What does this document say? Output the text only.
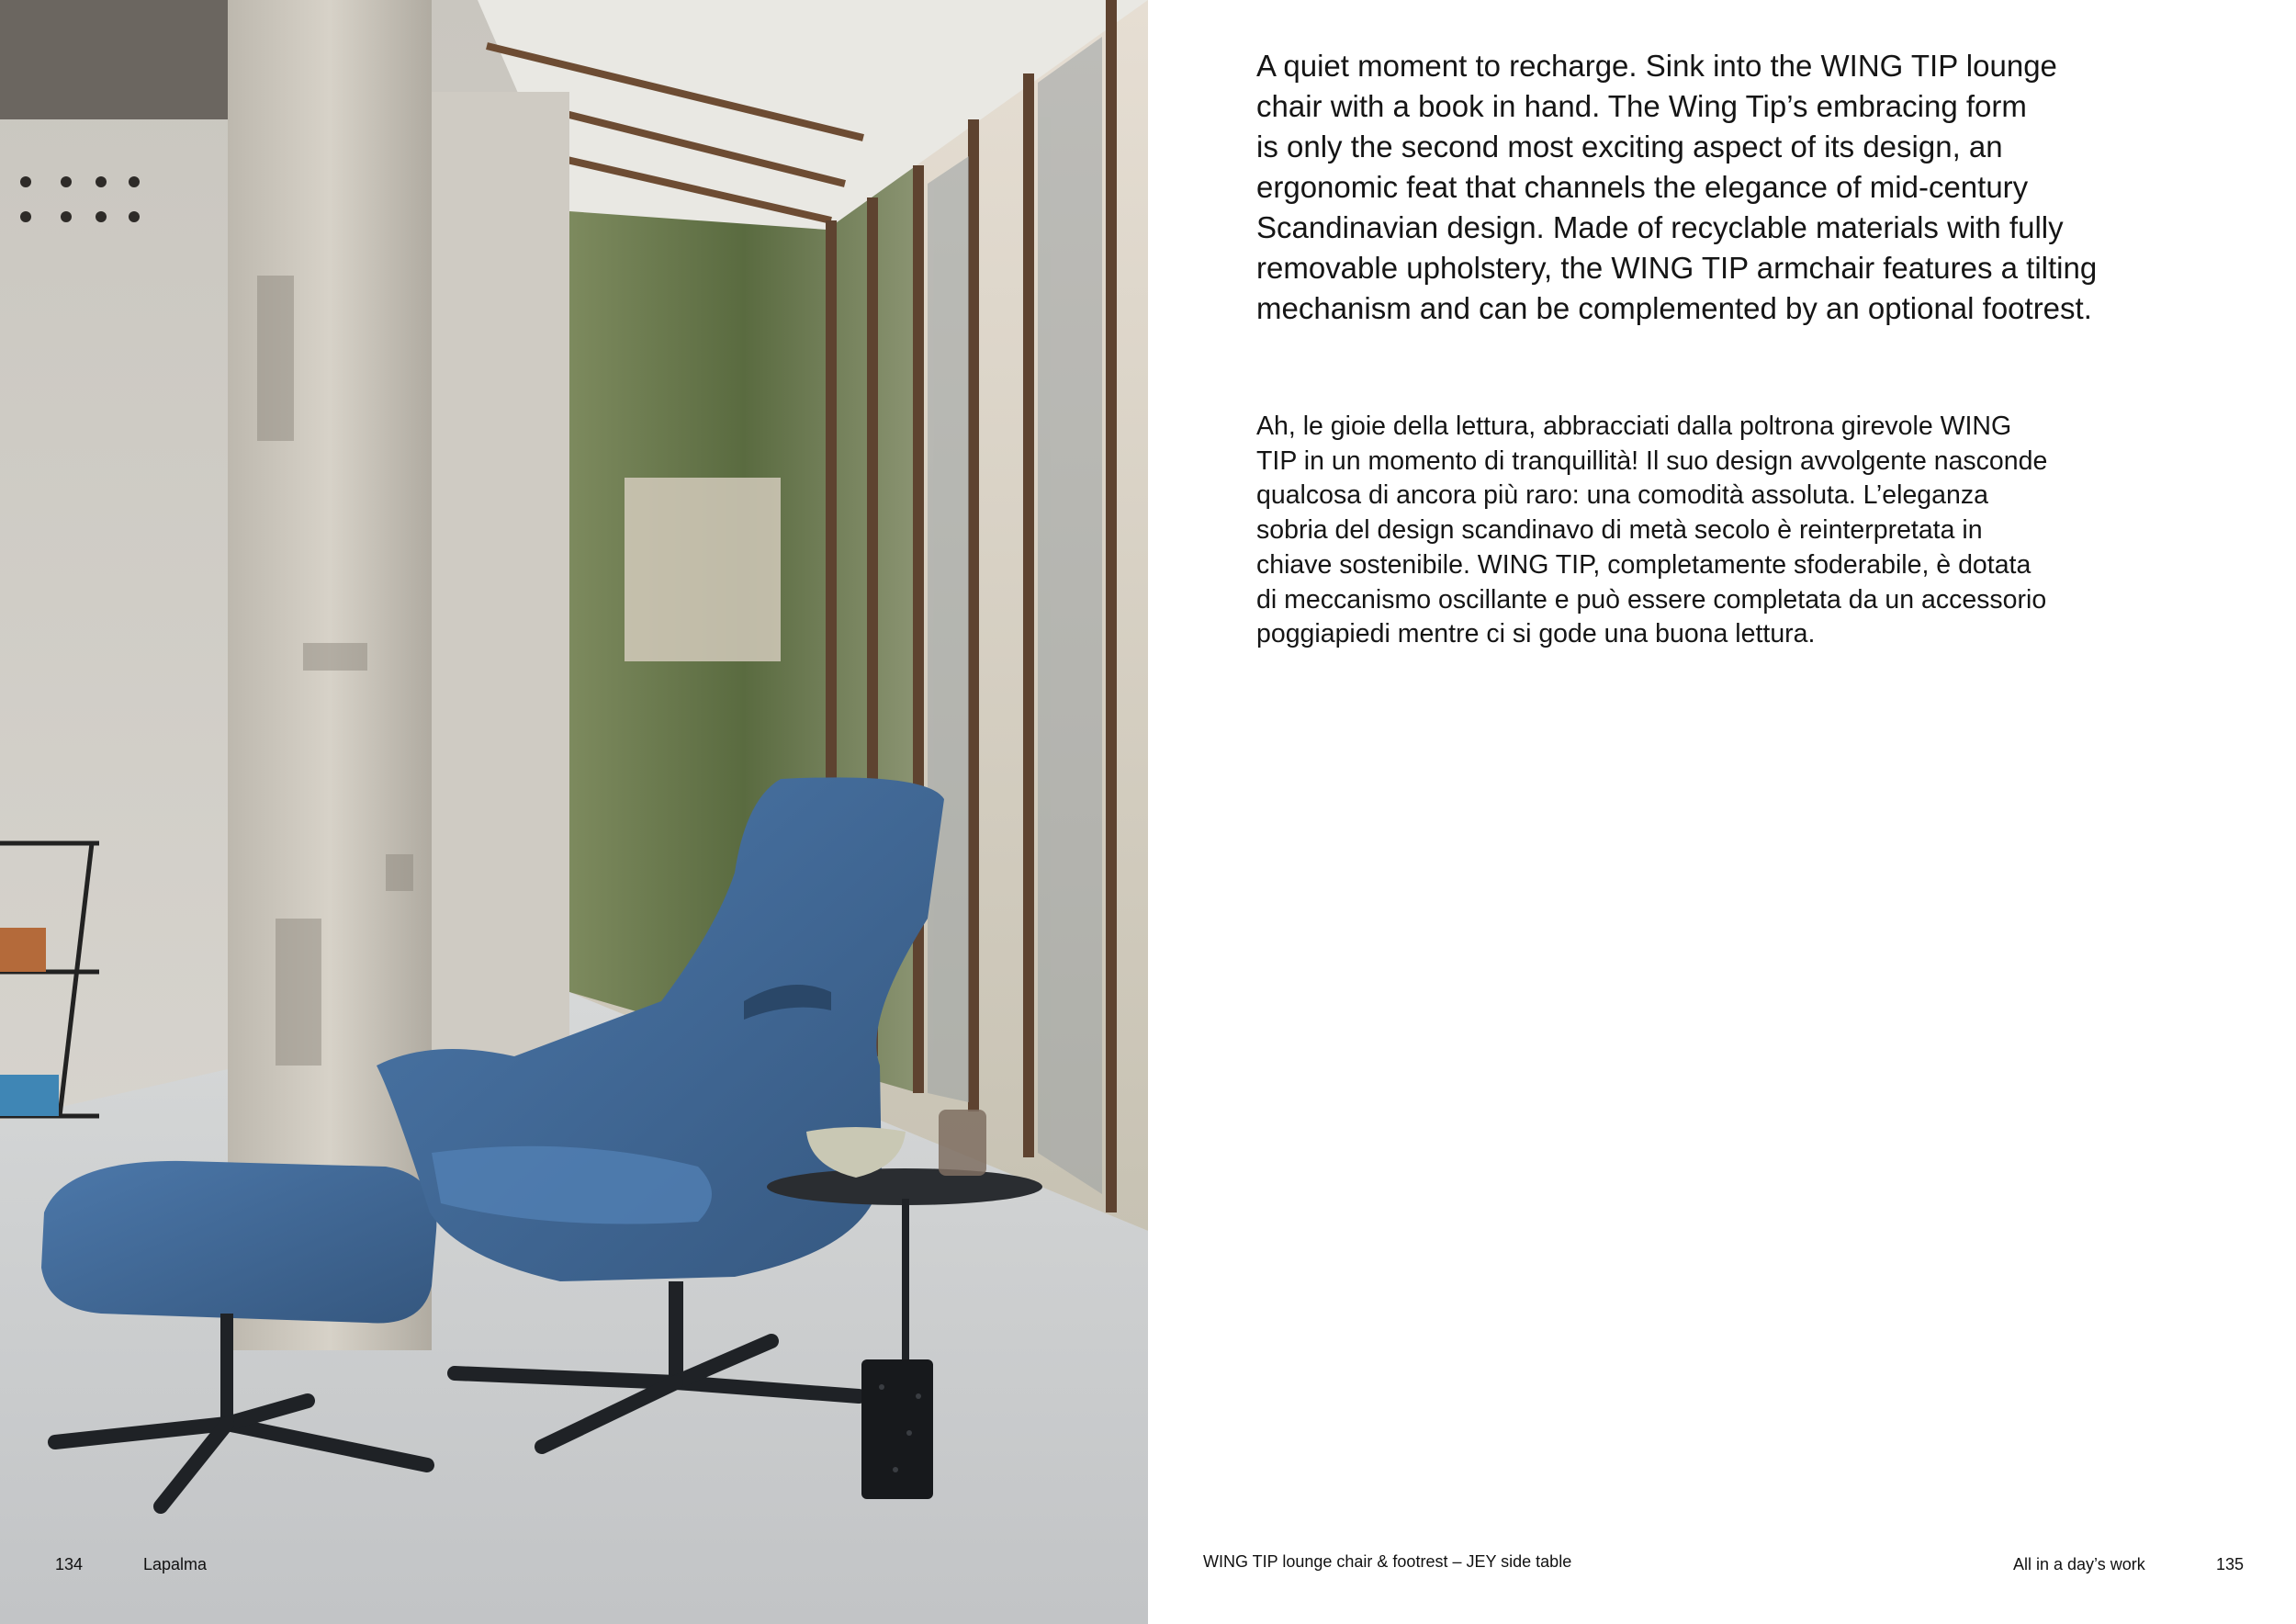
134	Lapalma

A quiet moment to recharge. Sink into the WING TIP lounge
chair with a book in hand. The Wing Tip’s embracing form
is only the second most exciting aspect of its design, an
ergonomic feat that channels the elegance of mid-century
Scandinavian design. Made of recyclable materials with fully
removable upholstery, the WING TIP armchair features a tilting
mechanism and can be complemented by an optional footrest.

Ah, le gioie della lettura, abbracciati dalla poltrona girevole WING
TIP in un momento di tranquillità! Il suo design avvolgente nasconde
qualcosa di ancora più raro: una comodità assoluta. L’eleganza
sobria del design scandinavo di metà secolo è reinterpretata in
chiave sostenibile. WING TIP, completamente sfoderabile, è dotata
di meccanismo oscillante e può essere completata da un accessorio
poggiapiedi mentre ci si gode una buona lettura.

WING TIP lounge chair & footrest – JEY side table	All in a day’s work	135
